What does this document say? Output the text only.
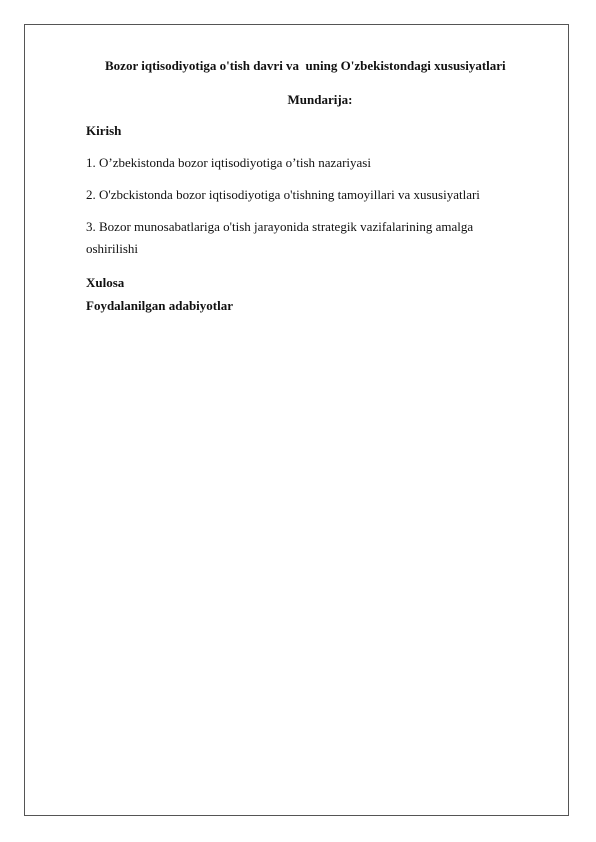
Bozor iqtisodiyotiga o'tish davri va  uning O'zbekistondagi xususiyatlari
Mundarija:
Kirish
1. O’zbekistonda bozor iqtisodiyotiga o’tish nazariyasi
2. O'zbckistonda bozor iqtisodiyotiga o'tishning tamoyillari va xususiyatlari
3. Bozor munosabatlariga o'tish jarayonida strategik vazifalarining amalga oshirilishi
Xulosa
Foydalanilgan adabiyotlar
